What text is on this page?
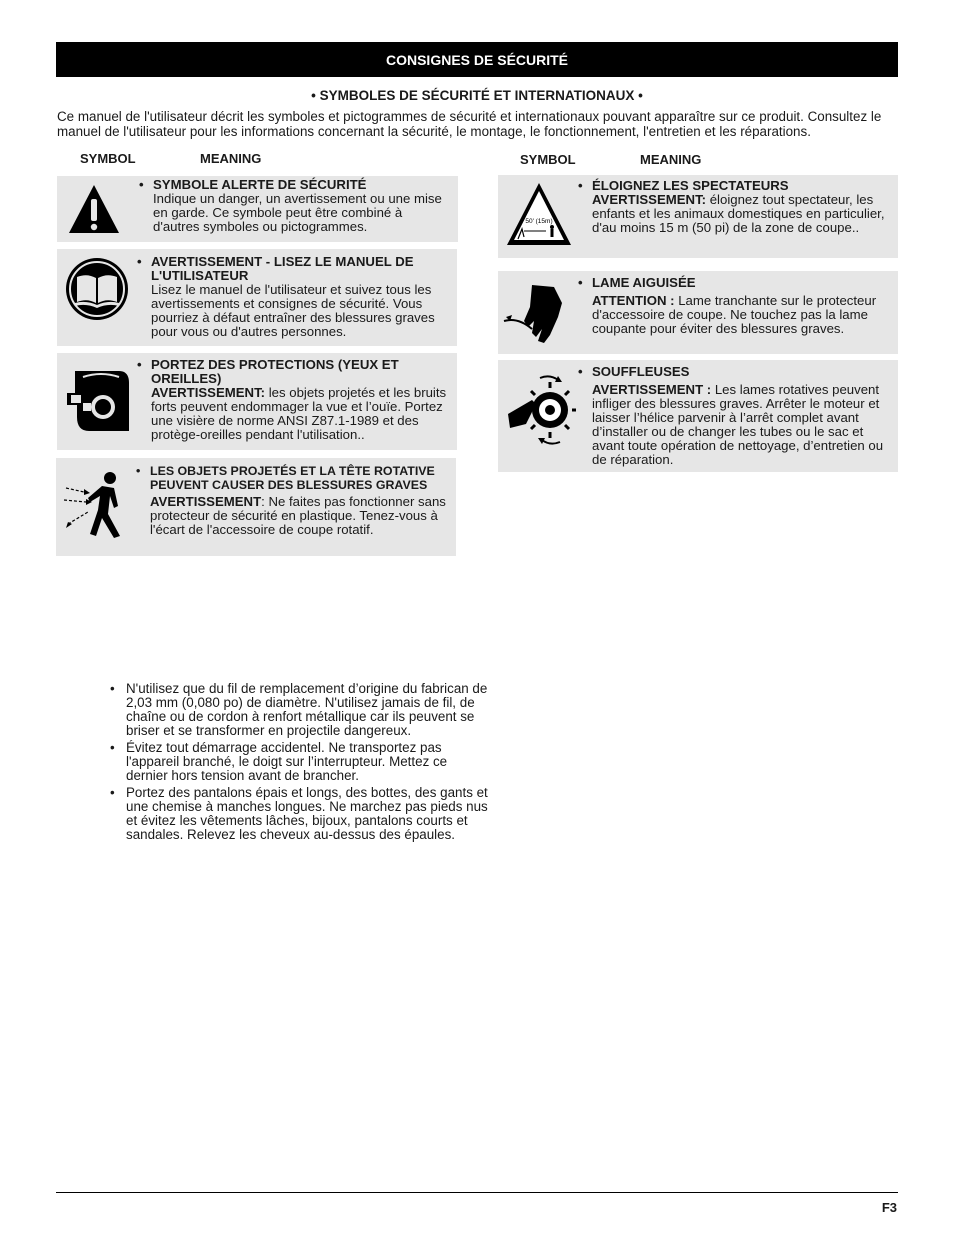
CONSIGNES DE SÉCURITÉ
• SYMBOLES DE SÉCURITÉ ET INTERNATIONAUX •
Ce manuel de l'utilisateur décrit les symboles et pictogrammes de sécurité et internationaux pouvant apparaître sur ce produit. Consultez le manuel de l'utilisateur pour les informations concernant la sécurité, le montage, le fonctionnement, l'entretien et les réparations.
SYMBOL	MEANING	SYMBOL	MEANING
• SYMBOLE ALERTE DE SÉCURITÉ
Indique un danger, un avertissement ou une mise en garde. Ce symbole peut être combiné à d'autres symboles ou pictogrammes.
• AVERTISSEMENT - LISEZ LE MANUEL DE L'UTILISATEUR
Lisez le manuel de l'utilisateur et suivez tous les avertissements et consignes de sécurité. Vous pourriez à défaut entraîner des blessures graves pour vous ou d'autres personnes.
• PORTEZ DES PROTECTIONS (YEUX ET OREILLES)
AVERTISSEMENT: les objets projetés et les bruits forts peuvent endommager la vue et l’ouïe. Portez une visière de norme ANSI Z87.1-1989 et des protège-oreilles pendant l'utilisation..
• LES OBJETS PROJETÉS ET LA TÊTE ROTATIVE PEUVENT CAUSER DES BLESSURES GRAVES
AVERTISSEMENT: Ne faites pas fonctionner sans protecteur de sécurité en plastique. Tenez-vous à l'écart de l'accessoire de coupe rotatif.
50' (15m)
• ÉLOIGNEZ LES SPECTATEURS
AVERTISSEMENT: éloignez tout spectateur, les enfants et les animaux domestiques en particulier, d'au moins 15 m (50 pi) de la zone de coupe..
• LAME AIGUISÉE
ATTENTION : Lame tranchante sur le protecteur d'accessoire de coupe. Ne touchez pas la lame coupante pour éviter des blessures graves.
• SOUFFLEUSES
AVERTISSEMENT : Les lames rotatives peuvent infliger des blessures graves. Arrêter le moteur et laisser l’hélice parvenir à l’arrêt complet avant d’installer ou de changer les tubes ou le sac et avant toute opération de nettoyage, d’entretien ou de réparation.
• N'utilisez que du fil de remplacement d’origine du fabrican de 2,03 mm (0,080 po) de diamètre. N'utilisez jamais de fil, de chaîne ou de cordon à renfort métallique car ils peuvent se briser et se transformer en projectile dangereux.
• Évitez tout démarrage accidentel. Ne transportez pas l'appareil branché, le doigt sur l’interrupteur. Mettez ce dernier hors tension avant de brancher.
• Portez des pantalons épais et longs, des bottes, des gants et une chemise à manches longues. Ne marchez pas pieds nus et évitez les vêtements lâches, bijoux, pantalons courts et sandales. Relevez les cheveux au-dessus des épaules.
F3
